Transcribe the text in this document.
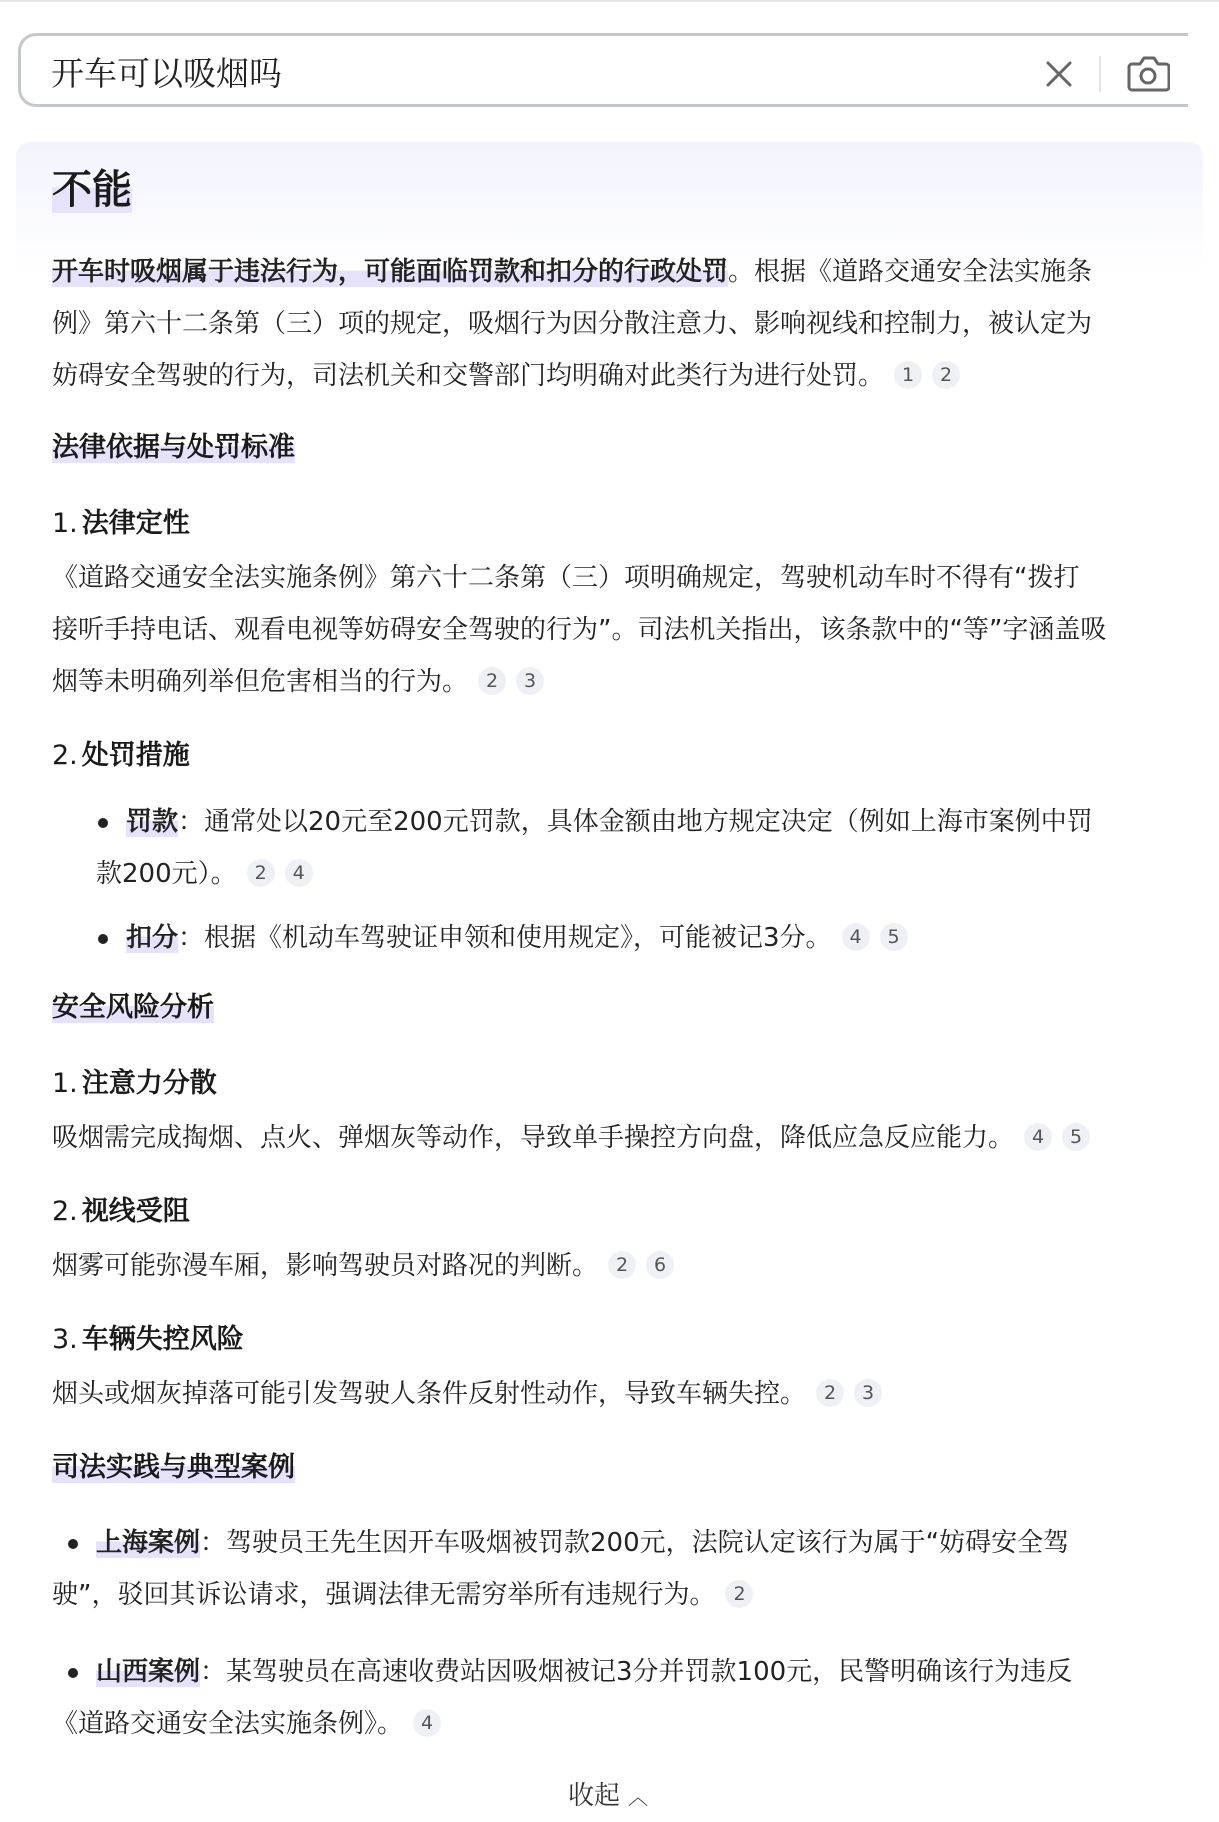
开车可以吸烟吗
不能
开车时吸烟属于违法行为，可能面临罚款和扣分的行政处罚。根据《道路交通安全法实施条
例》第六十二条第（三）项的规定，吸烟行为因分散注意力、影响视线和控制力，被认定为
妨碍安全驾驶的行为，司法机关和交警部门均明确对此类行为进行处罚。 1 2
法律依据与处罚标准
1. 法律定性
《道路交通安全法实施条例》第六十二条第（三）项明确规定，驾驶机动车时不得有“拨打
接听手持电话、观看电视等妨碍安全驾驶的行为”。司法机关指出，该条款中的“等”字涵盖吸
烟等未明确列举但危害相当的行为。 2 3
2. 处罚措施
罚款：通常处以20元至200元罚款，具体金额由地方规定决定（例如上海市案例中罚
款200元）。 2 4
扣分：根据《机动车驾驶证申领和使用规定》，可能被记3分。 4 5
安全风险分析
1. 注意力分散
吸烟需完成掏烟、点火、弹烟灰等动作，导致单手操控方向盘，降低应急反应能力。 4 5
2. 视线受阻
烟雾可能弥漫车厢，影响驾驶员对路况的判断。 2 6
3. 车辆失控风险
烟头或烟灰掉落可能引发驾驶人条件反射性动作，导致车辆失控。 2 3
司法实践与典型案例
上海案例：驾驶员王先生因开车吸烟被罚款200元，法院认定该行为属于“妨碍安全驾
驶”，驳回其诉讼请求，强调法律无需穷举所有违规行为。 2
山西案例：某驾驶员在高速收费站因吸烟被记3分并罚款100元，民警明确该行为违反
《道路交通安全法实施条例》。 4
收起 ︿
